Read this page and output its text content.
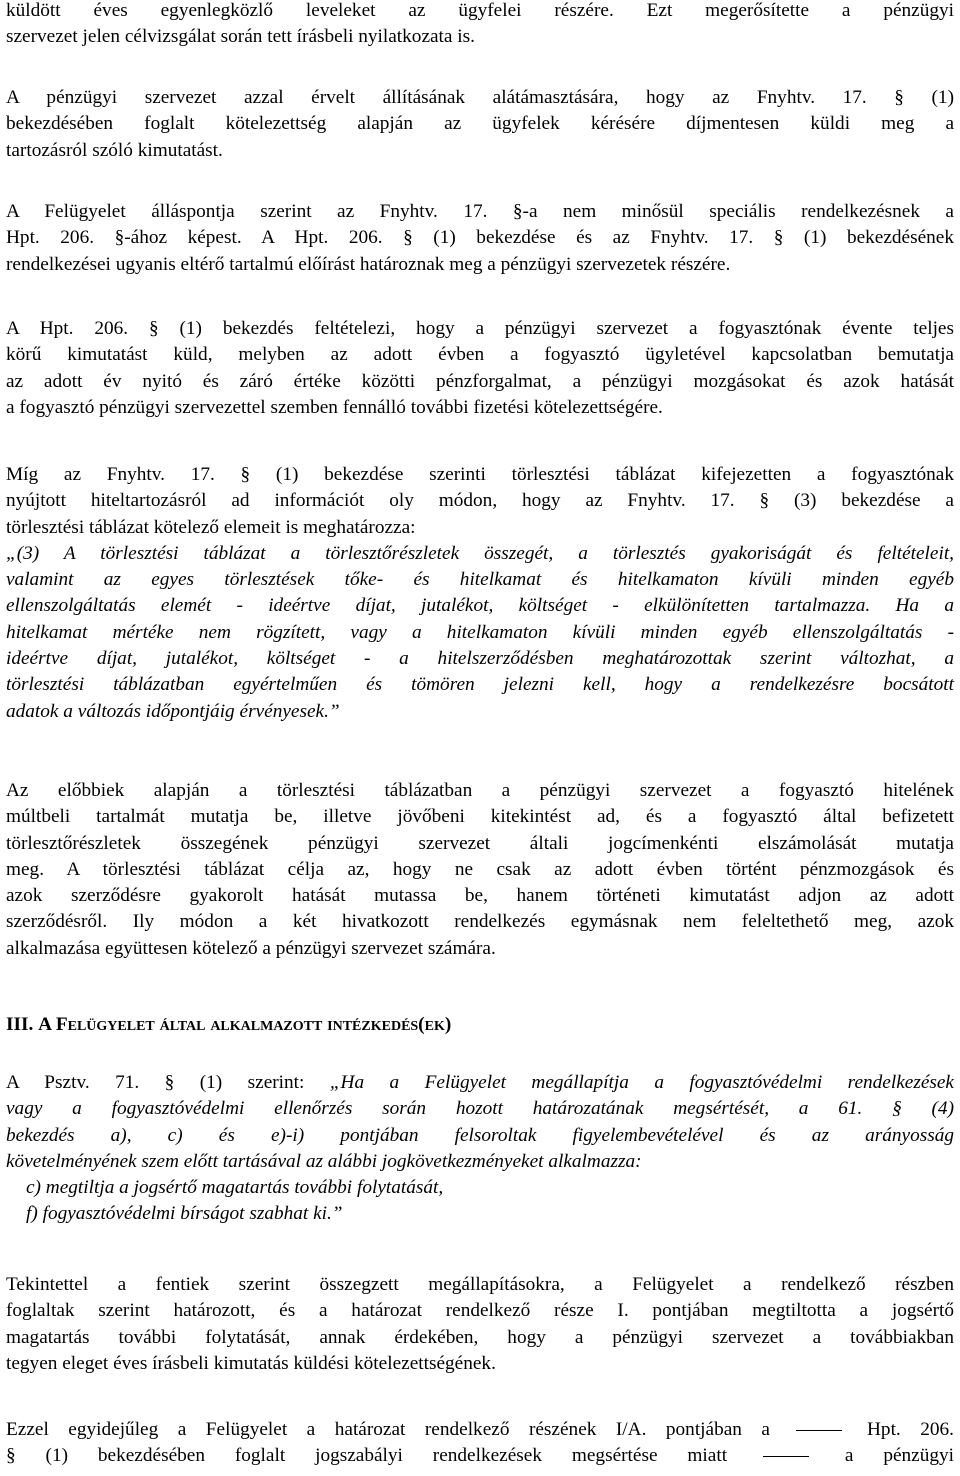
küldött éves egyenlegközlő leveleket az ügyfelei részére. Ezt megerősítette a pénzügyi
szervezet jelen célvizsgálat során tett írásbeli nyilatkozata is.
A pénzügyi szervezet azzal érvelt állításának alátámasztására, hogy az Fnyhtv. 17. § (1)
bekezdésében foglalt kötelezettség alapján az ügyfelek kérésére díjmentesen küldi meg a
tartozásról szóló kimutatást.
A Felügyelet álláspontja szerint az Fnyhtv. 17. §-a nem minősül speciális rendelkezésnek a
Hpt. 206. §-ához képest. A Hpt. 206. § (1) bekezdése és az Fnyhtv. 17. § (1) bekezdésének
rendelkezései ugyanis eltérő tartalmú előírást határoznak meg a pénzügyi szervezetek részére.
A Hpt. 206. § (1) bekezdés feltételezi, hogy a pénzügyi szervezet a fogyasztónak évente teljes
körű kimutatást küld, melyben az adott évben a fogyasztó ügyletével kapcsolatban bemutatja
az adott év nyitó és záró értéke közötti pénzforgalmat, a pénzügyi mozgásokat és azok hatását
a fogyasztó pénzügyi szervezettel szemben fennálló további fizetési kötelezettségére.
Míg az Fnyhtv. 17. § (1) bekezdése szerinti törlesztési táblázat kifejezetten a fogyasztónak
nyújtott hiteltartozásról ad információt oly módon, hogy az Fnyhtv. 17. § (3) bekezdése a
törlesztési táblázat kötelező elemeit is meghatározza:
„(3) A törlesztési táblázat a törlesztőrészletek összegét, a törlesztés gyakoriságát és feltételeit,
valamint az egyes törlesztések tőke- és hitelkamat és hitelkamaton kívüli minden egyéb
ellenszolgáltatás elemét - ideértve díjat, jutalékot, költséget - elkülönítetten tartalmazza. Ha a
hitelkamat mértéke nem rögzített, vagy a hitelkamaton kívüli minden egyéb ellenszolgáltatás -
ideértve díjat, jutalékot, költséget - a hitelszerződésben meghatározottak szerint változhat, a
törlesztési táblázatban egyértelműen és tömören jelezni kell, hogy a rendelkezésre bocsátott
adatok a változás időpontjáig érvényesek.”
Az előbbiek alapján a törlesztési táblázatban a pénzügyi szervezet a fogyasztó hitelének
múltbeli tartalmát mutatja be, illetve jövőbeni kitekintést ad, és a fogyasztó által befizetett
törlesztőrészletek összegének pénzügyi szervezet általi jogcímenkénti elszámolását mutatja
meg. A törlesztési táblázat célja az, hogy ne csak az adott évben történt pénzmozgások és
azok szerződésre gyakorolt hatását mutassa be, hanem történeti kimutatást adjon az adott
szerződésről. Ily módon a két hivatkozott rendelkezés egymásnak nem feleltethető meg, azok
alkalmazása együttesen kötelező a pénzügyi szervezet számára.
III. A Felügyelet által alkalmazott intézkedés(ek)
A Psztv. 71. § (1) szerint: „Ha a Felügyelet megállapítja a fogyasztóvédelmi rendelkezések
vagy a fogyasztóvédelmi ellenőrzés során hozott határozatának megsértését, a 61. § (4)
bekezdés a), c) és e)-i) pontjában felsoroltak figyelembevételével és az arányosság
követelményének szem előtt tartásával az alábbi jogkövetkezményeket alkalmazza:
c) megtiltja a jogsértő magatartás további folytatását,
f) fogyasztóvédelmi bírságot szabhat ki.”
Tekintettel a fentiek szerint összegzett megállapításokra, a Felügyelet a rendelkező részben
foglaltak szerint határozott, és a határozat rendelkező része I. pontjában megtiltotta a jogsértő
magatartás további folytatását, annak érdekében, hogy a pénzügyi szervezet a továbbiakban
tegyen eleget éves írásbeli kimutatás küldési kötelezettségének.
Ezzel egyidejűleg a Felügyelet a határozat rendelkező részének I/A. pontjában a	Hpt. 206.
§ (1) bekezdésében foglalt jogszabályi rendelkezések megsértése miatt	a pénzügyi
